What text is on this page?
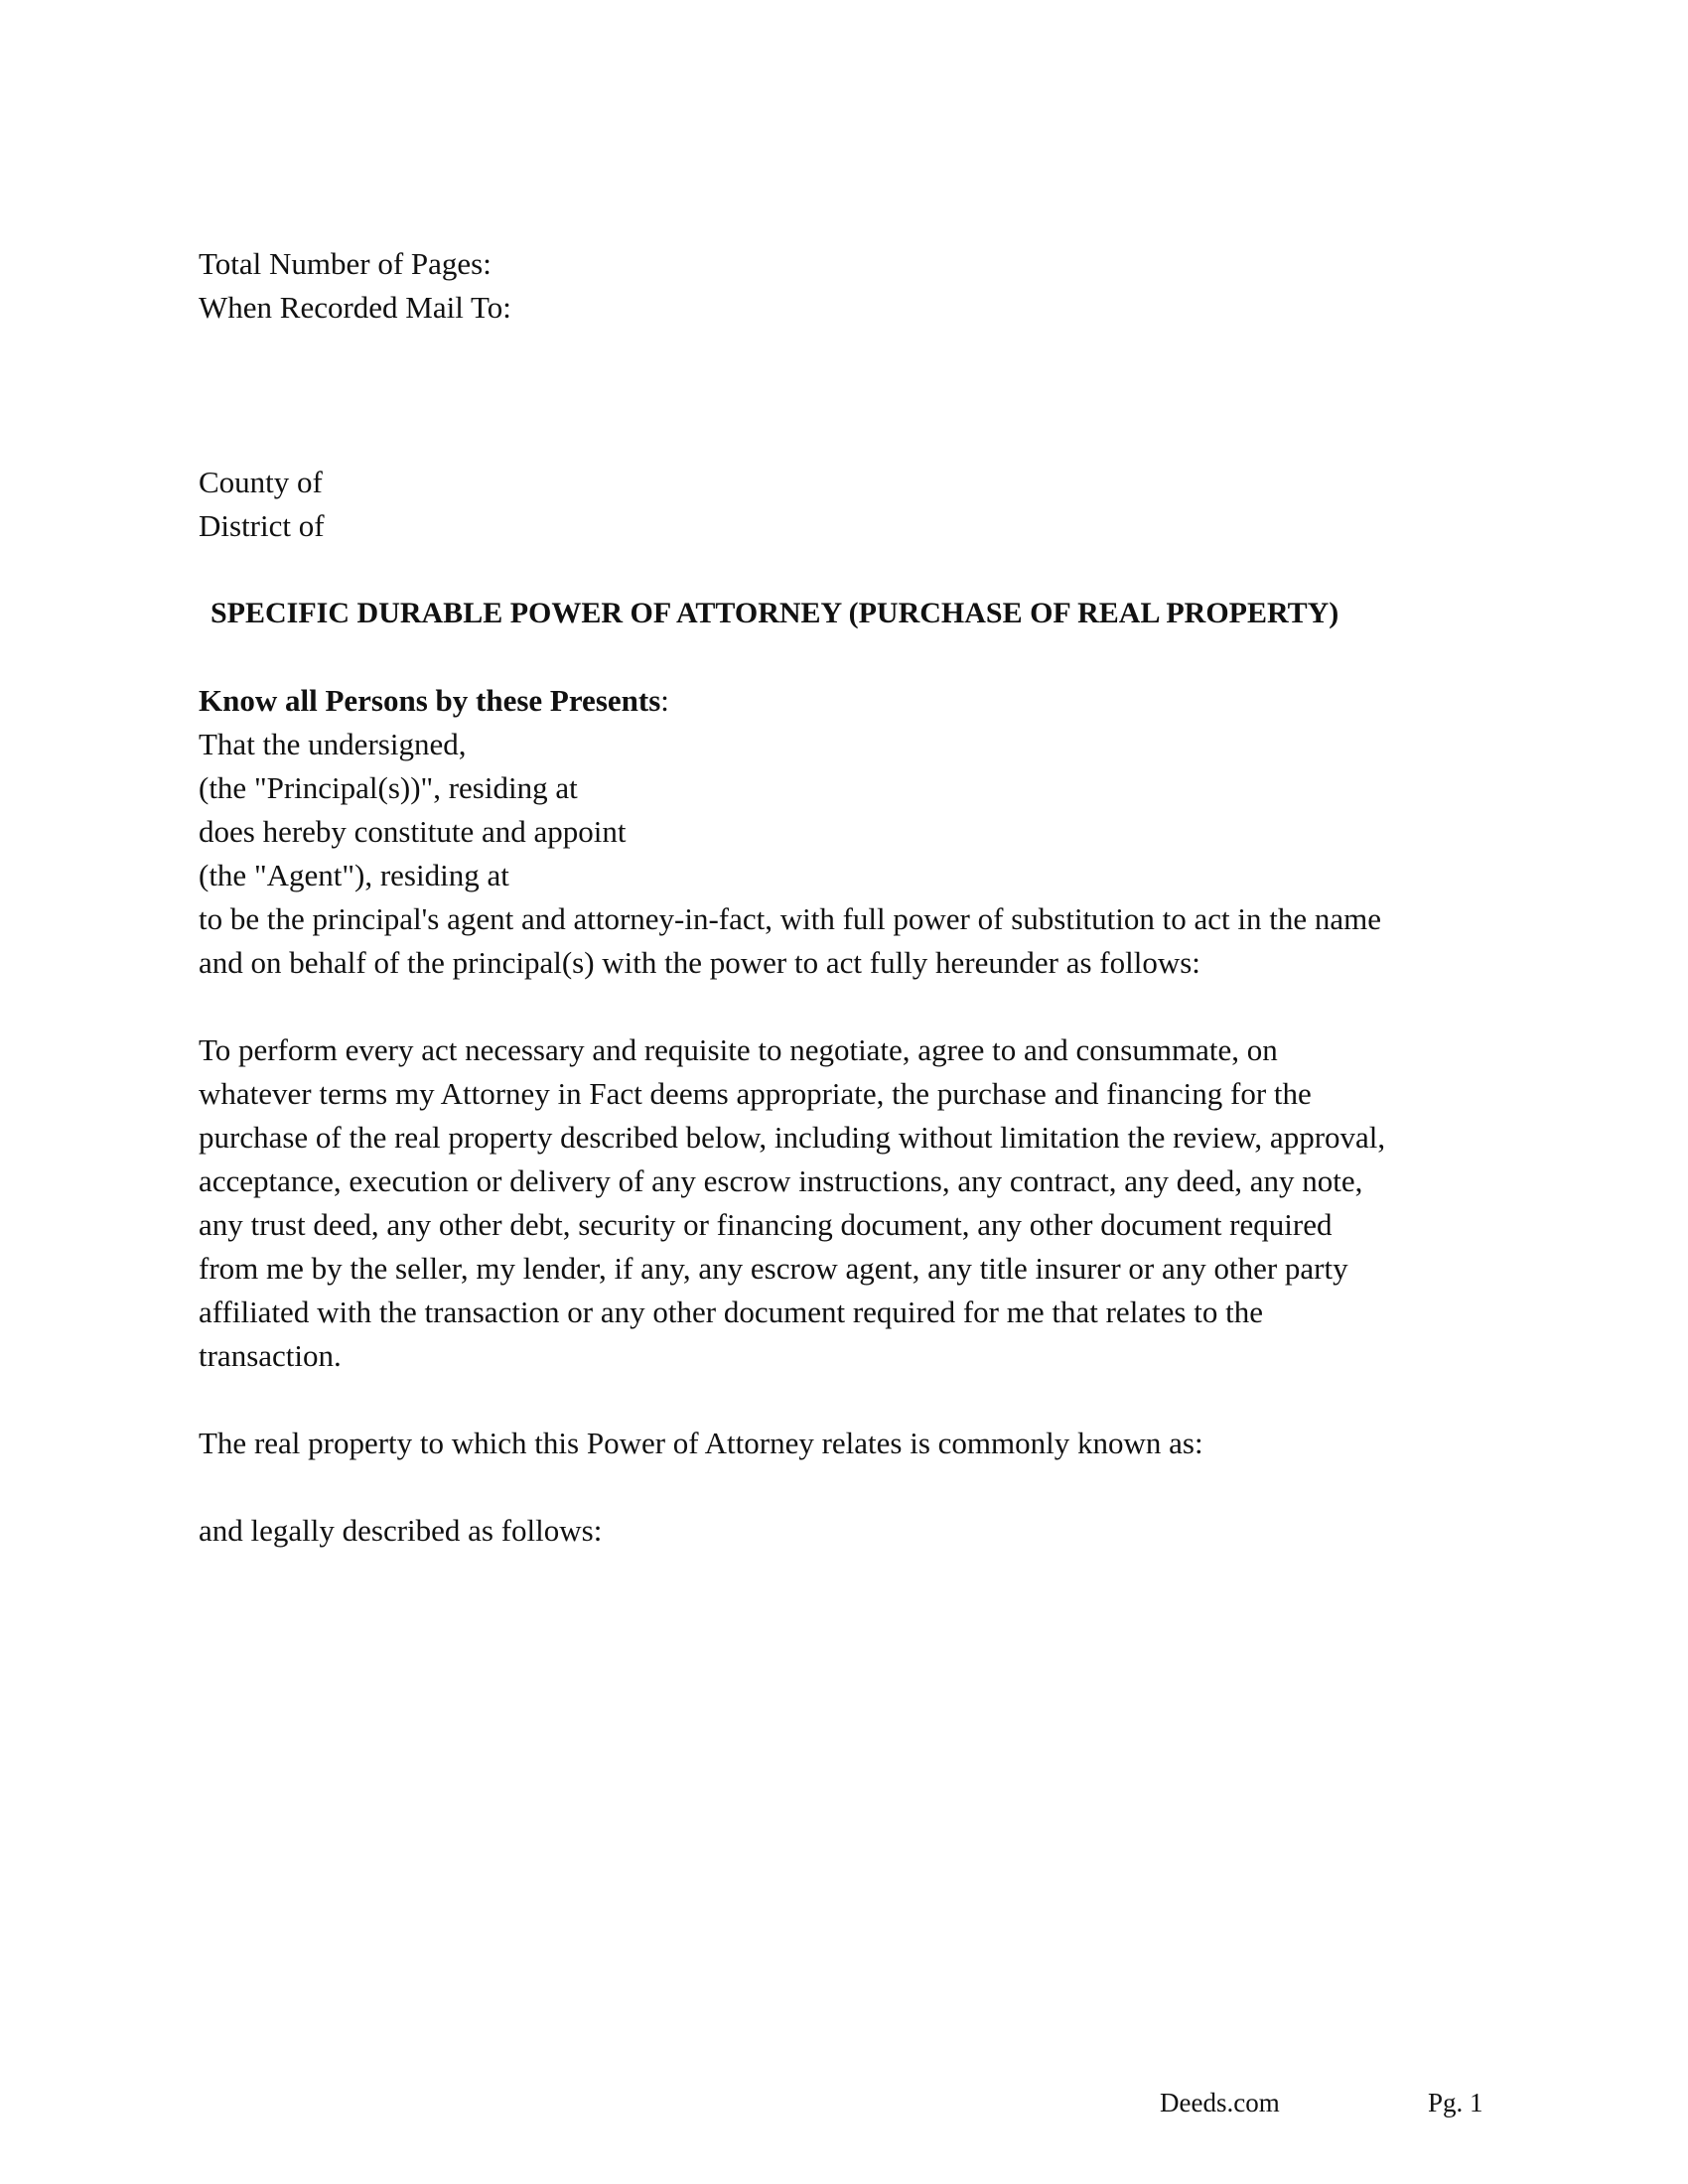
Total Number of Pages:
When Recorded Mail To:
County of
District of
SPECIFIC DURABLE POWER OF ATTORNEY (PURCHASE OF REAL PROPERTY)
Know all Persons by these Presents:
That the undersigned,
(the "Principal(s))", residing at
does hereby constitute and appoint
(the "Agent"), residing at
to be the principal's agent and attorney-in-fact, with full power of substitution to act in the name
and on behalf of the principal(s) with the power to act fully hereunder as follows:
To perform every act necessary and requisite to negotiate, agree to and consummate, on
whatever terms my Attorney in Fact deems appropriate, the purchase and financing for the
purchase of the real property described below, including without limitation the review, approval,
acceptance, execution or delivery of any escrow instructions, any contract, any deed, any note,
any trust deed, any other debt, security or financing document, any other document required
from me by the seller, my lender, if any, any escrow agent, any title insurer or any other party
affiliated with the transaction or any other document required for me that relates to the
transaction.
The real property to which this Power of Attorney relates is commonly known as:
and legally described as follows:
Deeds.com	Pg. 1
